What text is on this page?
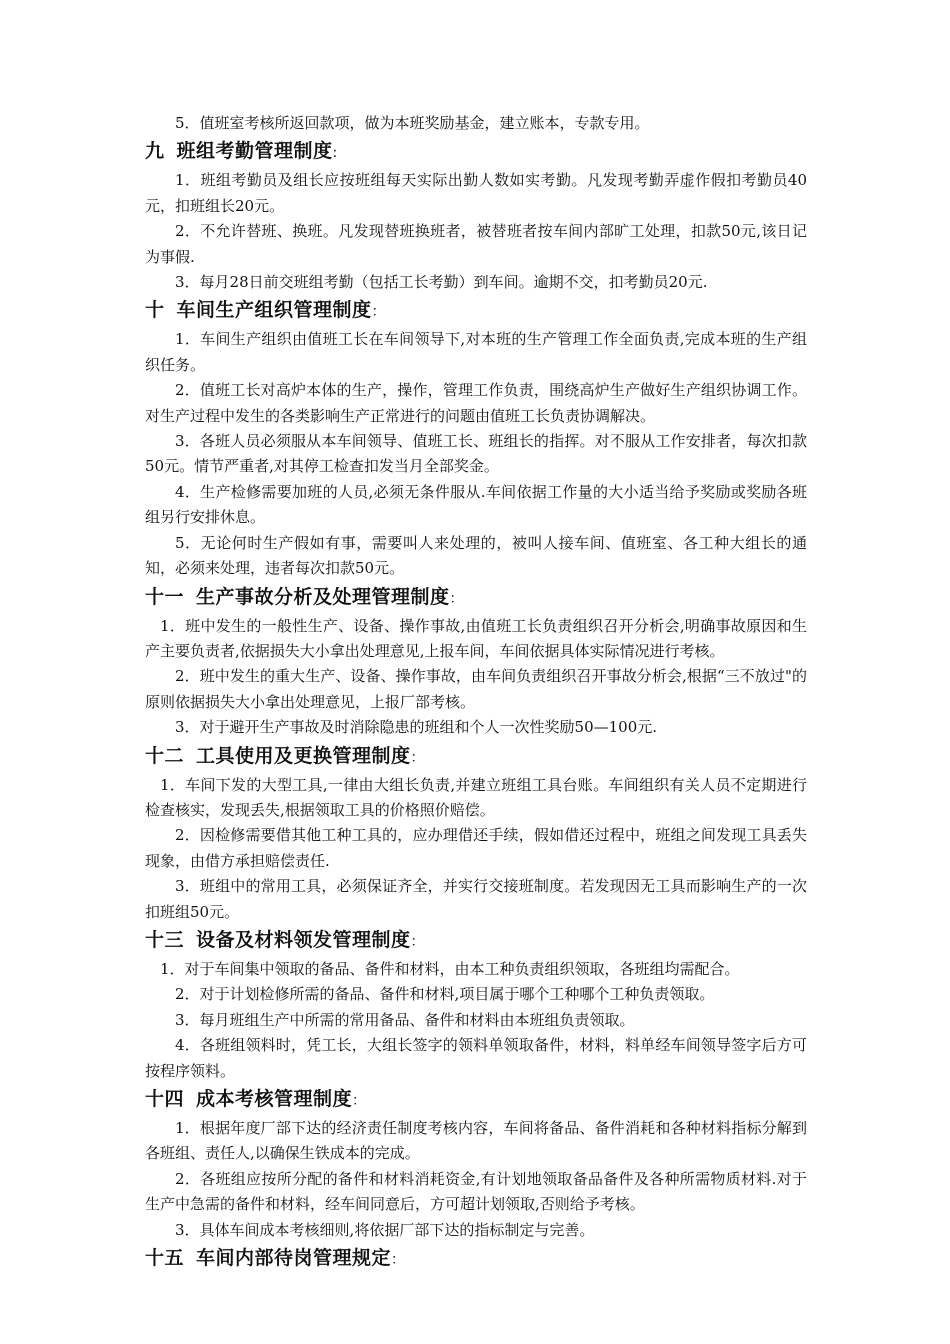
5．值班室考核所返回款项，做为本班奖励基金，建立账本，专款专用。

九 班组考勤管理制度:

1．班组考勤员及组长应按班组每天实际出勤人数如实考勤。凡发现考勤弄虚作假扣考勤员40元，扣班组长20元。

2．不允许替班、换班。凡发现替班换班者，被替班者按车间内部旷工处理，扣款50元,该日记为事假.

3．每月28日前交班组考勤（包括工长考勤）到车间。逾期不交，扣考勤员20元.

十 车间生产组织管理制度：

1．车间生产组织由值班工长在车间领导下,对本班的生产管理工作全面负责,完成本班的生产组织任务。

2．值班工长对高炉本体的生产，操作，管理工作负责，围绕高炉生产做好生产组织协调工作。对生产过程中发生的各类影响生产正常进行的问题由值班工长负责协调解决。

3．各班人员必须服从本车间领导、值班工长、班组长的指挥。对不服从工作安排者，每次扣款50元。情节严重者,对其停工检查扣发当月全部奖金。

4．生产检修需要加班的人员,必须无条件服从.车间依据工作量的大小适当给予奖励或奖励各班组另行安排休息。

5．无论何时生产假如有事，需要叫人来处理的，被叫人接车间、值班室、各工种大组长的通知，必须来处理，违者每次扣款50元。

十一 生产事故分析及处理管理制度：

1．班中发生的一般性生产、设备、操作事故,由值班工长负责组织召开分析会,明确事故原因和生产主要负责者,依据损失大小拿出处理意见,上报车间，车间依据具体实际情况进行考核。

2．班中发生的重大生产、设备、操作事故，由车间负责组织召开事故分析会,根据“三不放过"的原则依据损失大小拿出处理意见，上报厂部考核。

3．对于避开生产事故及时消除隐患的班组和个人一次性奖励50—100元.

十二 工具使用及更换管理制度：

1．车间下发的大型工具,一律由大组长负责,并建立班组工具台账。车间组织有关人员不定期进行检查核实，发现丢失,根据领取工具的价格照价赔偿。

2．因检修需要借其他工种工具的，应办理借还手续，假如借还过程中，班组之间发现工具丢失现象，由借方承担赔偿责任.

3．班组中的常用工具，必须保证齐全，并实行交接班制度。若发现因无工具而影响生产的一次扣班组50元。

十三 设备及材料领发管理制度：

1．对于车间集中领取的备品、备件和材料，由本工种负责组织领取，各班组均需配合。

2．对于计划检修所需的备品、备件和材料,项目属于哪个工种哪个工种负责领取。

3．每月班组生产中所需的常用备品、备件和材料由本班组负责领取。

4．各班组领料时，凭工长，大组长签字的领料单领取备件，材料，料单经车间领导签字后方可按程序领料。

十四 成本考核管理制度：

1．根据年度厂部下达的经济责任制度考核内容，车间将备品、备件消耗和各种材料指标分解到各班组、责任人,以确保生铁成本的完成。

2．各班组应按所分配的备件和材料消耗资金,有计划地领取备品备件及各种所需物质材料.对于生产中急需的备件和材料，经车间同意后，方可超计划领取,否则给予考核。

3．具体车间成本考核细则,将依据厂部下达的指标制定与完善。

十五 车间内部待岗管理规定：
